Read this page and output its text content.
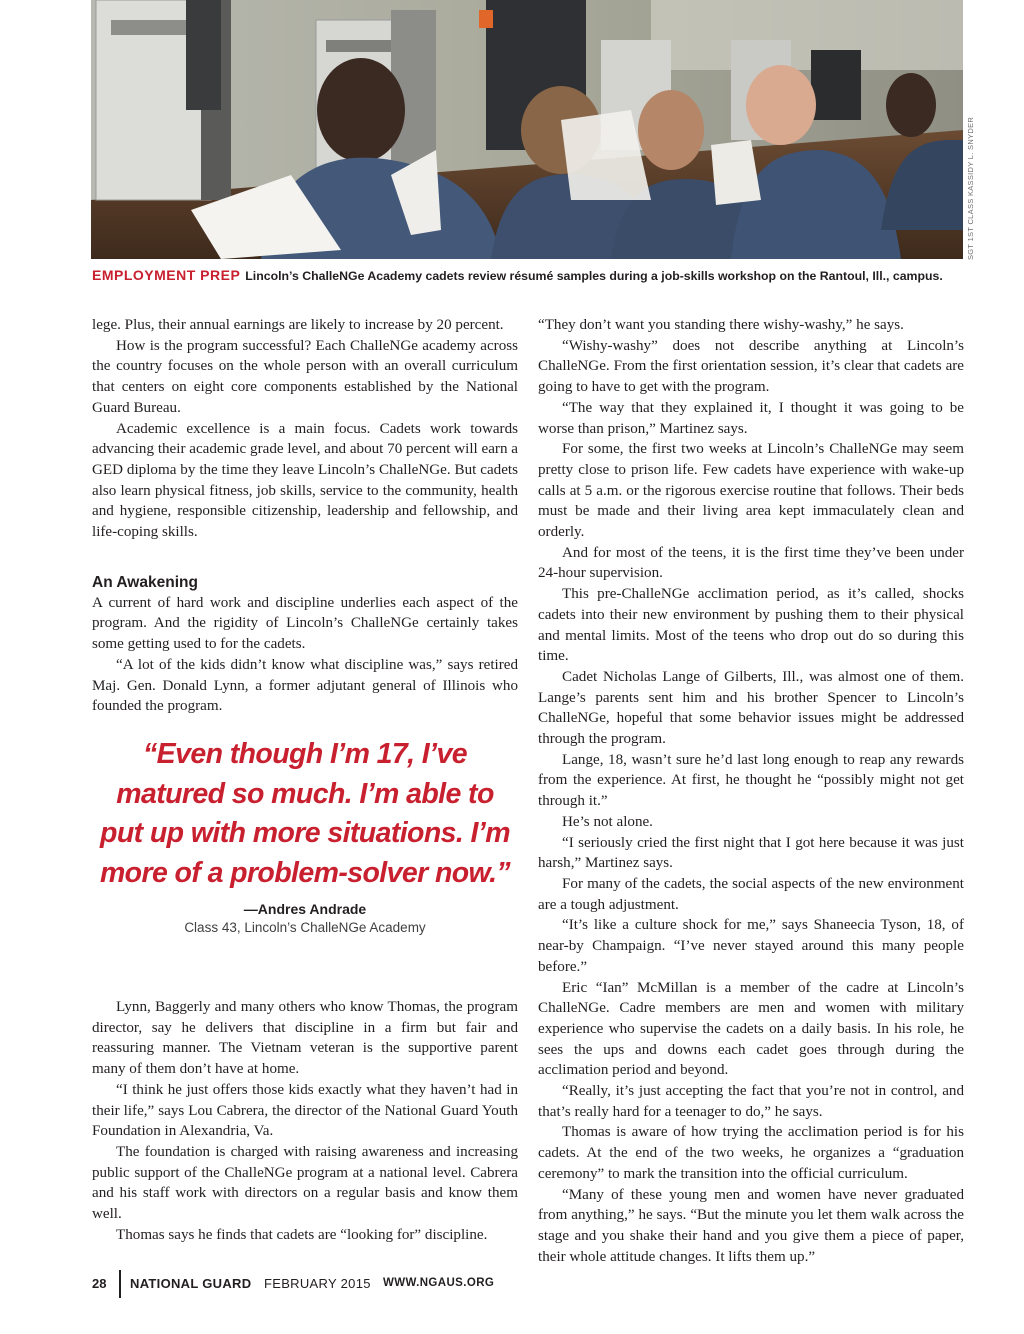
SGT 1ST CLASS KASSIDY L. SNYDER
EMPLOYMENT PREP Lincoln’s ChalleNGe Academy cadets review résumé samples during a job-skills workshop on the Rantoul, Ill., campus.

lege. Plus, their annual earnings are likely to increase by 20 percent.

How is the program successful? Each ChalleNGe academy across the country focuses on the whole person with an overall curriculum that centers on eight core components established by the National Guard Bureau.

Academic excellence is a main focus. Cadets work towards advancing their academic grade level, and about 70 percent will earn a GED diploma by the time they leave Lincoln’s ChalleNGe. But cadets also learn physical fitness, job skills, service to the community, health and hygiene, responsible citizenship, leadership and fellowship, and life-coping skills.

An Awakening

A current of hard work and discipline underlies each aspect of the program. And the rigidity of Lincoln’s ChalleNGe certainly takes some getting used to for the cadets.

“A lot of the kids didn’t know what discipline was,” says retired Maj. Gen. Donald Lynn, a former adjutant general of Illinois who founded the program.

“Even though I’m 17, I’ve matured so much. I’m able to put up with more situations. I’m more of a problem-solver now.”
—Andres Andrade
Class 43, Lincoln’s ChalleNGe Academy

Lynn, Baggerly and many others who know Thomas, the program director, say he delivers that discipline in a firm but fair and reassuring manner. The Vietnam veteran is the supportive parent many of them don’t have at home.

“I think he just offers those kids exactly what they haven’t had in their life,” says Lou Cabrera, the director of the National Guard Youth Foundation in Alexandria, Va.

The foundation is charged with raising awareness and increasing public support of the ChalleNGe program at a national level. Cabrera and his staff work with directors on a regular basis and know them well.

Thomas says he finds that cadets are “looking for” discipline.

“They don’t want you standing there wishy-washy,” he says.

“Wishy-washy” does not describe anything at Lincoln’s ChalleNGe. From the first orientation session, it’s clear that cadets are going to have to get with the program.

“The way that they explained it, I thought it was going to be worse than prison,” Martinez says.

For some, the first two weeks at Lincoln’s ChalleNGe may seem pretty close to prison life. Few cadets have experience with wake-up calls at 5 a.m. or the rigorous exercise routine that follows. Their beds must be made and their living area kept immaculately clean and orderly.

And for most of the teens, it is the first time they’ve been under 24-hour supervision.

This pre-ChalleNGe acclimation period, as it’s called, shocks cadets into their new environment by pushing them to their physical and mental limits. Most of the teens who drop out do so during this time.

Cadet Nicholas Lange of Gilberts, Ill., was almost one of them. Lange’s parents sent him and his brother Spencer to Lincoln’s ChalleNGe, hopeful that some behavior issues might be addressed through the program.

Lange, 18, wasn’t sure he’d last long enough to reap any rewards from the experience. At first, he thought he “possibly might not get through it.”

He’s not alone.

“I seriously cried the first night that I got here because it was just harsh,” Martinez says.

For many of the cadets, the social aspects of the new environment are a tough adjustment.

“It’s like a culture shock for me,” says Shaneecia Tyson, 18, of near-by Champaign. “I’ve never stayed around this many people before.”

Eric “Ian” McMillan is a member of the cadre at Lincoln’s ChalleNGe. Cadre members are men and women with military experience who supervise the cadets on a daily basis. In his role, he sees the ups and downs each cadet goes through during the acclimation period and beyond.

“Really, it’s just accepting the fact that you’re not in control, and that’s really hard for a teenager to do,” he says.

Thomas is aware of how trying the acclimation period is for his cadets. At the end of the two weeks, he organizes a “graduation ceremony” to mark the transition into the official curriculum.

“Many of these young men and women have never graduated from anything,” he says. “But the minute you let them walk across the stage and you shake their hand and you give them a piece of paper, their whole attitude changes. It lifts them up.”

28 NATIONAL GUARD FEBRUARY 2015 WWW.NGAUS.ORG
